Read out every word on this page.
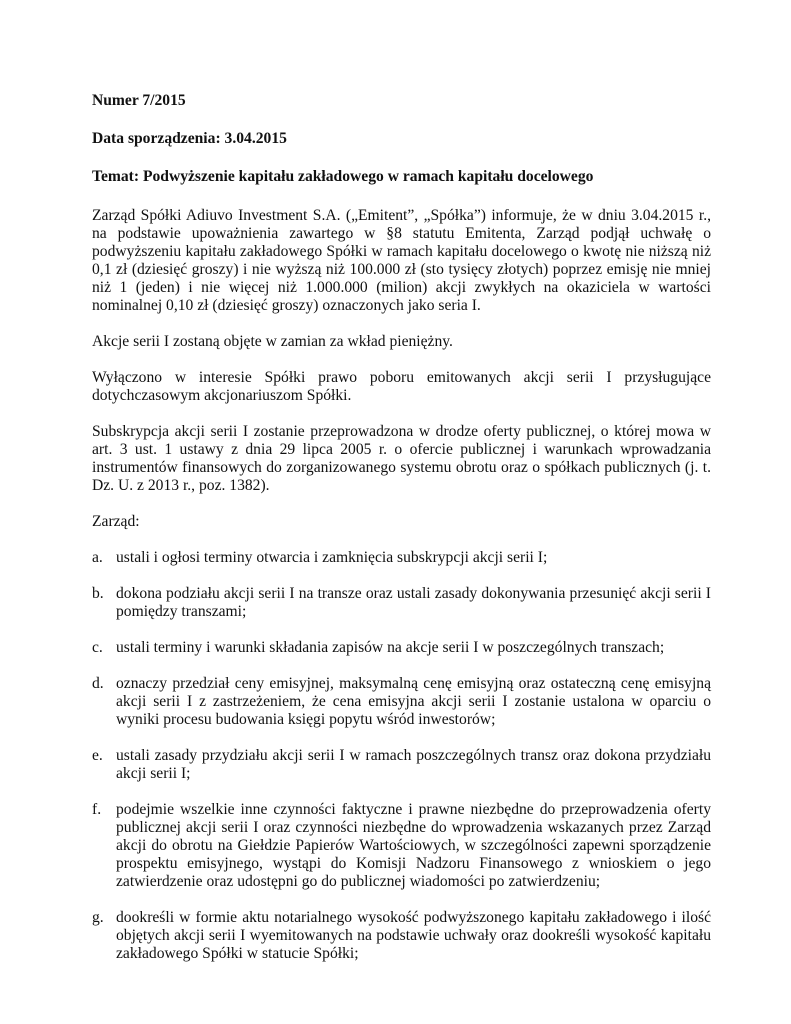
Numer 7/2015

Data sporządzenia: 3.04.2015

Temat: Podwyższenie kapitału zakładowego w ramach kapitału docelowego

Zarząd Spółki Adiuvo Investment S.A. („Emitent”, „Spółka”) informuje, że w dniu 3.04.2015 r., na podstawie upoważnienia zawartego w §8 statutu Emitenta, Zarząd podjął uchwałę o podwyższeniu kapitału zakładowego Spółki w ramach kapitału docelowego o kwotę nie niższą niż 0,1 zł (dziesięć groszy) i nie wyższą niż 100.000 zł (sto tysięcy złotych) poprzez emisję nie mniej niż 1 (jeden) i nie więcej niż 1.000.000 (milion) akcji zwykłych na okaziciela w wartości nominalnej 0,10 zł (dziesięć groszy) oznaczonych jako seria I.

Akcje serii I zostaną objęte w zamian za wkład pieniężny.

Wyłączono w interesie Spółki prawo poboru emitowanych akcji serii I przysługujące dotychczasowym akcjonariuszom Spółki.

Subskrypcja akcji serii I zostanie przeprowadzona w drodze oferty publicznej, o której mowa w art. 3 ust. 1 ustawy z dnia 29 lipca 2005 r. o ofercie publicznej i warunkach wprowadzania instrumentów finansowych do zorganizowanego systemu obrotu oraz o spółkach publicznych (j. t. Dz. U. z 2013 r., poz. 1382).

Zarząd:

a. ustali i ogłosi terminy otwarcia i zamknięcia subskrypcji akcji serii I;
b. dokona podziału akcji serii I na transze oraz ustali zasady dokonywania przesunięć akcji serii I pomiędzy transzami;
c. ustali terminy i warunki składania zapisów na akcje serii I w poszczególnych transzach;
d. oznaczy przedział ceny emisyjnej, maksymalną cenę emisyjną oraz ostateczną cenę emisyjną akcji serii I z zastrzeżeniem, że cena emisyjna akcji serii I zostanie ustalona w oparciu o wyniki procesu budowania księgi popytu wśród inwestorów;
e. ustali zasady przydziału akcji serii I w ramach poszczególnych transz oraz dokona przydziału akcji serii I;
f. podejmie wszelkie inne czynności faktyczne i prawne niezbędne do przeprowadzenia oferty publicznej akcji serii I oraz czynności niezbędne do wprowadzenia wskazanych przez Zarząd akcji do obrotu na Giełdzie Papierów Wartościowych, w szczególności zapewni sporządzenie prospektu emisyjnego, wystąpi do Komisji Nadzoru Finansowego z wnioskiem o jego zatwierdzenie oraz udostępni go do publicznej wiadomości po zatwierdzeniu;
g. dookreśli w formie aktu notarialnego wysokość podwyższonego kapitału zakładowego i ilość objętych akcji serii I wyemitowanych na podstawie uchwały oraz dookreśli wysokość kapitału zakładowego Spółki w statucie Spółki;
